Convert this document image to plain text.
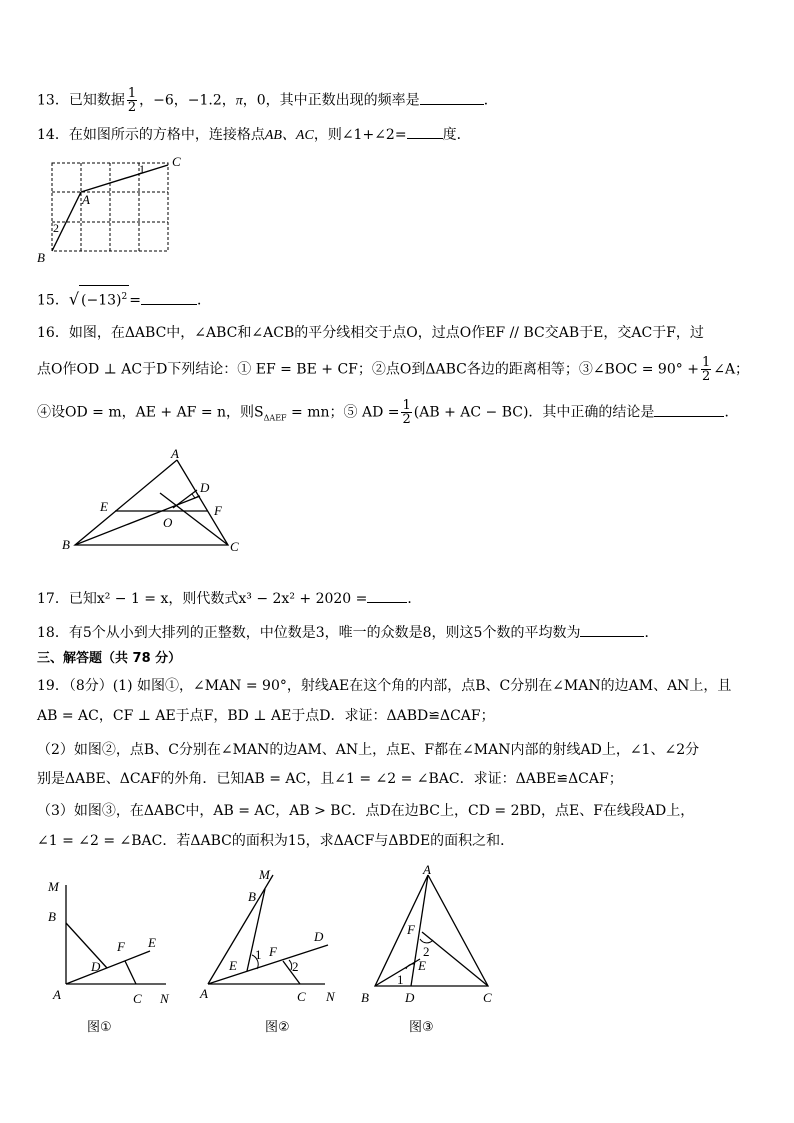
13．已知数据 $\frac{1}{2}$ ，−6，−1.2，π，0，其中正数出现的频率是	．
14．在如图所示的方格中，连接格点AB、AC，则∠1+∠2=	度．
C
A
B
1
2
15．√ $(-13)^2$ =	．
16．如图，在ΔABC中，∠ABC和∠ACB的平分线相交于点O，过点O作EF // BC交AB于E，交AC于F，过
点O作OD ⊥ AC于D下列结论：① EF = BE + CF；②点O到ΔABC各边的距离相等；③∠BOC = $90^\circ + \frac{1}{2}$ ∠A；
④设OD = m，AE + AF = n，则$S_{\Delta AEF}$ = mn；⑤ AD = $\frac{1}{2} (AB$ + AC − BC)．其中正确的结论是	．
A
D
E	F
O
B	C
17．已知x² − 1 = x，则代数式x³ − 2x² + 2020 =	．
18．有5个从小到大排列的正整数，中位数是3，唯一的众数是8，则这5个数的平均数为	．
三、解答题（共 78 分）
19．（8分）(1) 如图①，∠MAN = 90°，射线AE在这个角的内部，点B、C分别在∠MAN的边AM、AN上，且
AB = AC，CF ⊥ AE于点F，BD ⊥ AE于点D．求证：ΔABD≌ΔCAF；
（2）如图②，点B、C分别在∠MAN的边AM、AN上，点E、F都在∠MAN内部的射线AD上，∠1、∠2分
别是ΔABE、ΔCAF的外角．已知AB = AC，且∠1 = ∠2 = ∠BAC．求证：ΔABE≌ΔCAF；
（3）如图③，在ΔABC中，AB = AC，AB > BC．点D在边BC上，CD = 2BD，点E、F在线段AD上，
∠1 = ∠2 = ∠BAC．若ΔABC的面积为15，求ΔACF与ΔBDE的面积之和．
M
B
F E
D
A	C N
图①
M
B
D
1 F
2
E
A	C N
图②
A
F
2
E
1
B	D	C
图③
